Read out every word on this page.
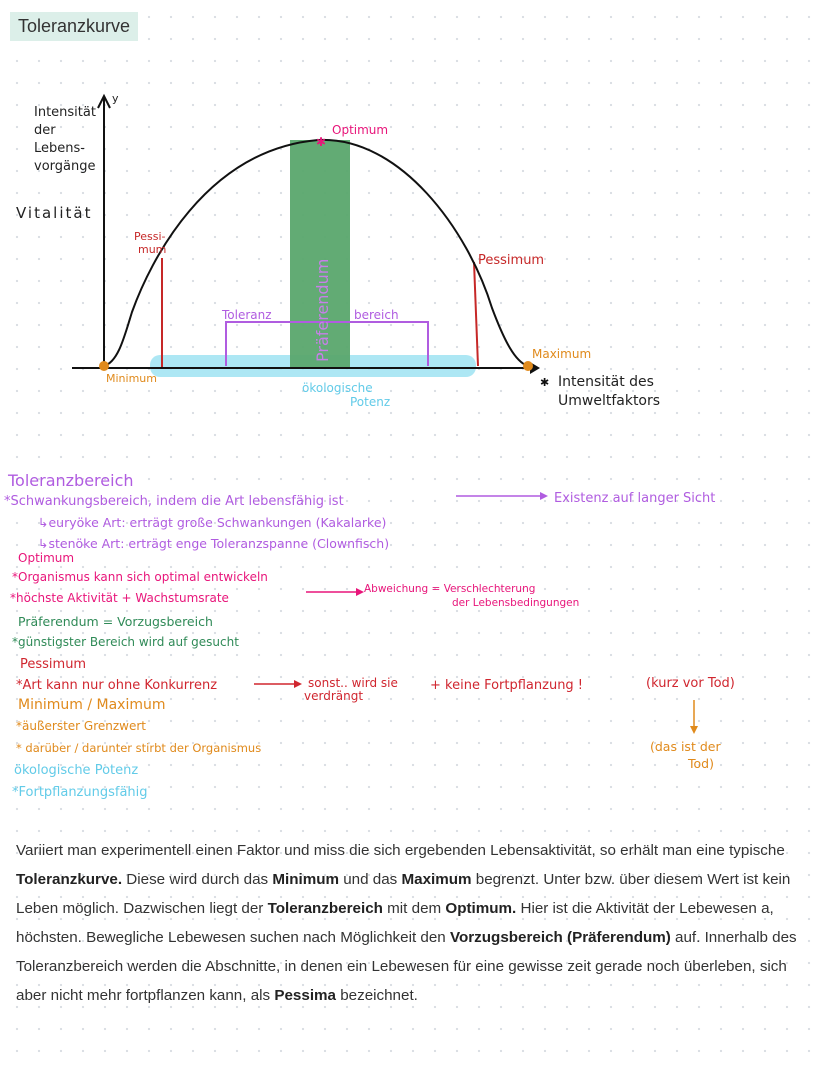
Toleranzkurve
✱
✱
Intensität der Lebens- vorgänge
y
Vitalität
Optimum
Pessi- mum
Pessimum
Präferendum
Toleranz	bereich
Minimum
Maximum
Intensität des Umweltfaktors
ökologische Potenz
Toleranzbereich
*Schwankungsbereich, indem die Art lebensfähig ist	Existenz auf langer Sicht
↳euryöke Art: erträgt große Schwankungen (Kakalarke)
↳stenöke Art: erträgt enge Toleranzspanne (Clownfisch)
Optimum
*Organismus kann sich optimal entwickeln
*höchste Aktivität + Wachstumsrate
Abweichung = Verschlechterung
der Lebensbedingungen
Präferendum = Vorzugsbereich
*günstigster Bereich wird auf gesucht
Pessimum
*Art kann nur ohne Konkurrenz	sonst.. wird sie
verdrängt
+ keine Fortpflanzung !	(kurz vor Tod)
Minimum / Maximum
*äußerster Grenzwert
* darüber / darunter stirbt der Organismus	(das ist der
Tod)
ökologische Potenz
*Fortpflanzungsfähig
Variiert man experimentell einen Faktor und miss die sich ergebenden Lebensaktivität, so erhält man eine typische Toleranzkurve. Diese wird durch das Minimum und das Maximum begrenzt. Unter bzw. über diesem Wert ist kein Leben möglich. Dazwischen liegt der Toleranzbereich mit dem Optimum. Hier ist die Aktivität der Lebewesen a, höchsten. Bewegliche Lebewesen suchen nach Möglichkeit den Vorzugsbereich (Präferendum) auf. Innerhalb des Toleranzbereich werden die Abschnitte, in denen ein Lebewesen für eine gewisse zeit gerade noch überleben, sich aber nicht mehr fortpflanzen kann, als Pessima bezeichnet.
